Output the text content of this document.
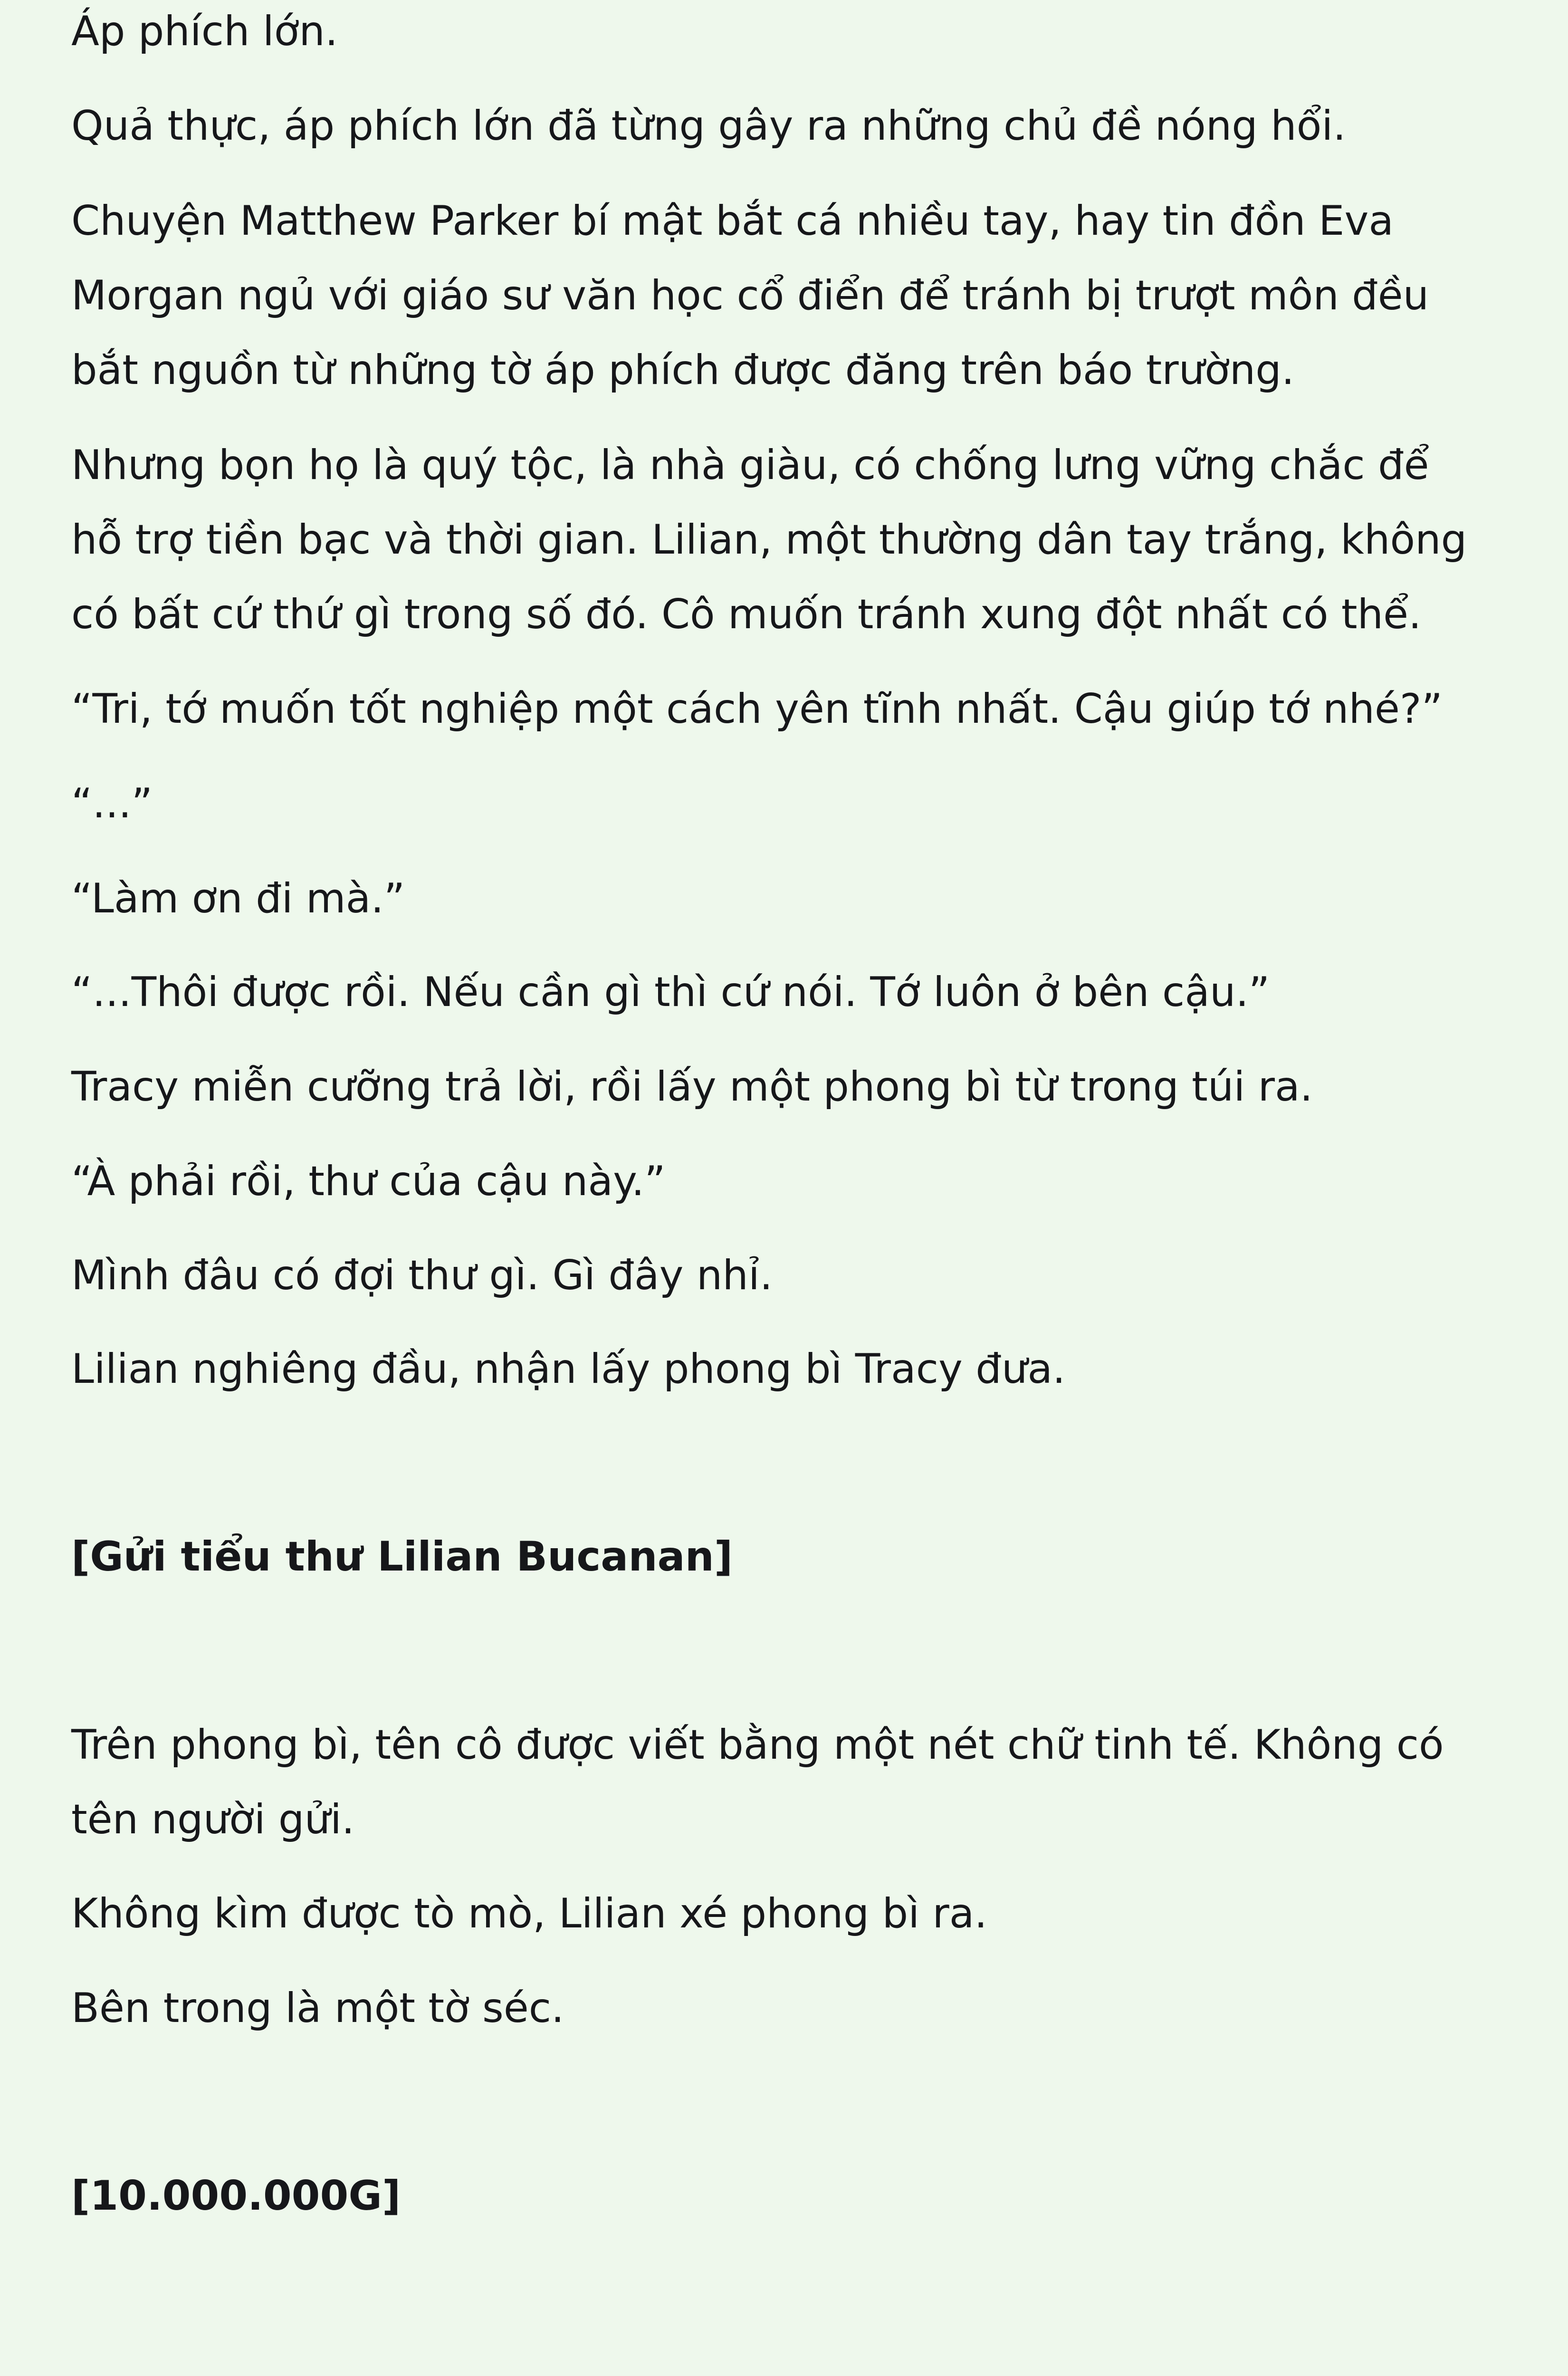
Áp phích lớn.

Quả thực, áp phích lớn đã từng gây ra những chủ đề nóng hổi.

Chuyện Matthew Parker bí mật bắt cá nhiều tay, hay tin đồn Eva
Morgan ngủ với giáo sư văn học cổ điển để tránh bị trượt môn đều
bắt nguồn từ những tờ áp phích được đăng trên báo trường.

Nhưng bọn họ là quý tộc, là nhà giàu, có chống lưng vững chắc để
hỗ trợ tiền bạc và thời gian. Lilian, một thường dân tay trắng, không
có bất cứ thứ gì trong số đó. Cô muốn tránh xung đột nhất có thể.

“Tri, tớ muốn tốt nghiệp một cách yên tĩnh nhất. Cậu giúp tớ nhé?”

“...”

“Làm ơn đi mà.”

“...Thôi được rồi. Nếu cần gì thì cứ nói. Tớ luôn ở bên cậu.”

Tracy miễn cưỡng trả lời, rồi lấy một phong bì từ trong túi ra.

“À phải rồi, thư của cậu này.”

Mình đâu có đợi thư gì. Gì đây nhỉ.

Lilian nghiêng đầu, nhận lấy phong bì Tracy đưa.

[Gửi tiểu thư Lilian Bucanan]

Trên phong bì, tên cô được viết bằng một nét chữ tinh tế. Không có
tên người gửi.

Không kìm được tò mò, Lilian xé phong bì ra.

Bên trong là một tờ séc.

[10.000.000G]
